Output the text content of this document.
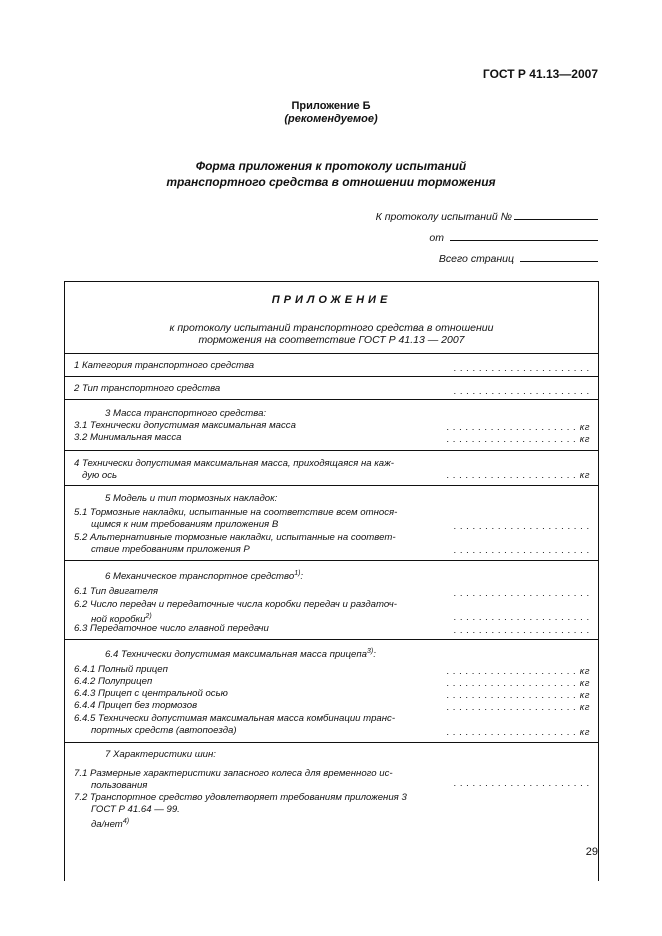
ГОСТ Р 41.13—2007
Приложение Б
(рекомендуемое)
Форма приложения к протоколу испытаний
транспортного средства в отношении торможения
К протоколу испытаний №
от
Всего страниц
ПРИЛОЖЕНИЕ
к протоколу испытаний транспортного средства в отношении
торможения на соответствие ГОСТ Р 41.13 — 2007
1 Категория транспортного средства	. . . . . . . . . . . . . . . . . . . . . .
2 Тип транспортного средства	. . . . . . . . . . . . . . . . . . . . . .
3 Масса транспортного средства:
3.1 Технически допустимая максимальная масса	. . . . . . . . . . . . . . . . . . . . . кг
3.2 Минимальная масса	. . . . . . . . . . . . . . . . . . . . . кг
4 Технически допустимая максимальная масса, приходящаяся на каж-
дую ось	. . . . . . . . . . . . . . . . . . . . . кг
5 Модель и тип тормозных накладок:
5.1 Тормозные накладки, испытанные на соответствие всем относя-
щимся к ним требованиям приложения В	. . . . . . . . . . . . . . . . . . . . . .
5.2 Альтернативные тормозные накладки, испытанные на соответ-
ствие требованиям приложения Р	. . . . . . . . . . . . . . . . . . . . . .
6 Механическое транспортное средство$^{1)}$:
6.1 Тип двигателя	. . . . . . . . . . . . . . . . . . . . . .
6.2 Число передач и передаточные числа коробки передач и раздаточ-
ной коробки$^{2)}$	. . . . . . . . . . . . . . . . . . . . . .
6.3 Передаточное число главной передачи	. . . . . . . . . . . . . . . . . . . . . .
6.4 Технически допустимая максимальная масса прицепа$^{3)}$:
6.4.1 Полный прицеп	. . . . . . . . . . . . . . . . . . . . . кг
6.4.2 Полуприцеп	. . . . . . . . . . . . . . . . . . . . . кг
6.4.3 Прицеп с центральной осью	. . . . . . . . . . . . . . . . . . . . . кг
6.4.4 Прицеп без тормозов	. . . . . . . . . . . . . . . . . . . . . кг
6.4.5 Технически допустимая максимальная масса комбинации транс-
портных средств (автопоезда)	. . . . . . . . . . . . . . . . . . . . . кг
7 Характеристики шин:
7.1 Размерные характеристики запасного колеса для временного ис-
пользования	. . . . . . . . . . . . . . . . . . . . . .
7.2 Транспортное средство удовлетворяет требованиям приложения 3
ГОСТ Р 41.64 — 99.
да/нет$^{4)}$
29
